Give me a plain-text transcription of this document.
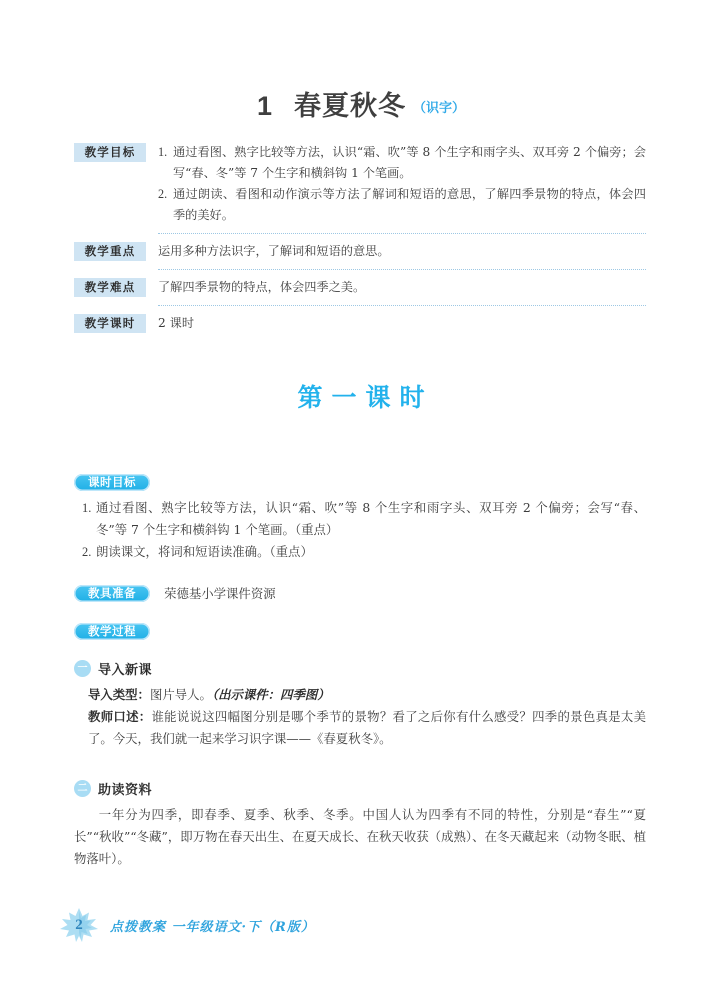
1 春夏秋冬 （识字）
教学目标	1. 通过看图、熟字比较等方法，认识“霜、吹”等 8 个生字和雨字头、双耳旁 2 个偏旁；会写“春、冬”等 7 个生字和横斜钩 1 个笔画。
2. 通过朗读、看图和动作演示等方法了解词和短语的意思，了解四季景物的特点，体会四季的美好。
教学重点	运用多种方法识字，了解词和短语的意思。
教学难点	了解四季景物的特点，体会四季之美。
教学课时	2 课时
第一课时
课时目标
1. 通过看图、熟字比较等方法，认识“霜、吹”等 8 个生字和雨字头、双耳旁 2 个偏旁；会写“春、冬”等 7 个生字和横斜钩 1 个笔画。（重点）
2. 朗读课文，将词和短语读准确。（重点）
教具准备 荣德基小学课件资源
教学过程
一 导入新课
导入类型：图片导人。（出示课件：四季图）
教师口述：谁能说说这四幅图分别是哪个季节的景物？看了之后你有什么感受？四季的景色真是太美了。今天，我们就一起来学习识字课——《春夏秋冬》。
二 助读资料
一年分为四季，即春季、夏季、秋季、冬季。中国人认为四季有不同的特性，分别是“春生”“夏长”“秋收”“冬藏”，即万物在春天出生、在夏天成长、在秋天收获（成熟）、在冬天藏起来（动物冬眠、植物落叶）。
2	点拨教案 一年级语文·下（R版）
